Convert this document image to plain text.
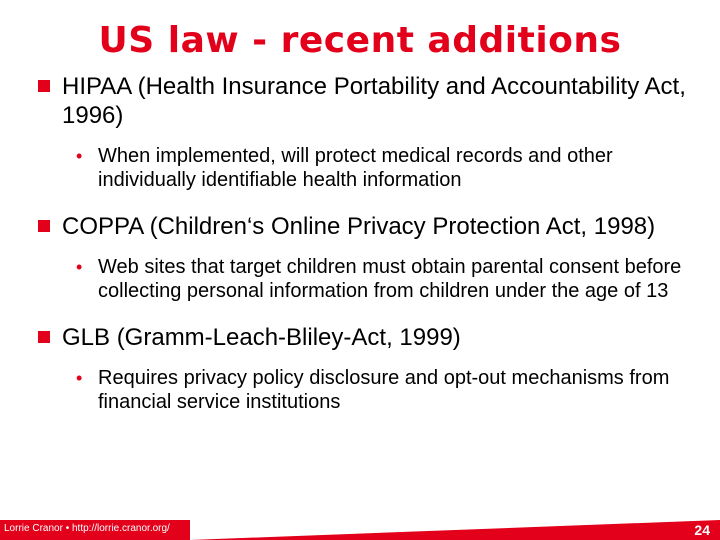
US law - recent additions
HIPAA (Health Insurance Portability and Accountability Act, 1996)
• When implemented, will protect medical records and other individually identifiable health information
COPPA (Children‘s Online Privacy Protection Act, 1998)
• Web sites that target children must obtain parental consent before collecting personal information from children under the age of 13
GLB (Gramm-Leach-Bliley-Act, 1999)
• Requires privacy policy disclosure and opt-out mechanisms from financial service institutions
Lorrie Cranor • http://lorrie.cranor.org/	24
